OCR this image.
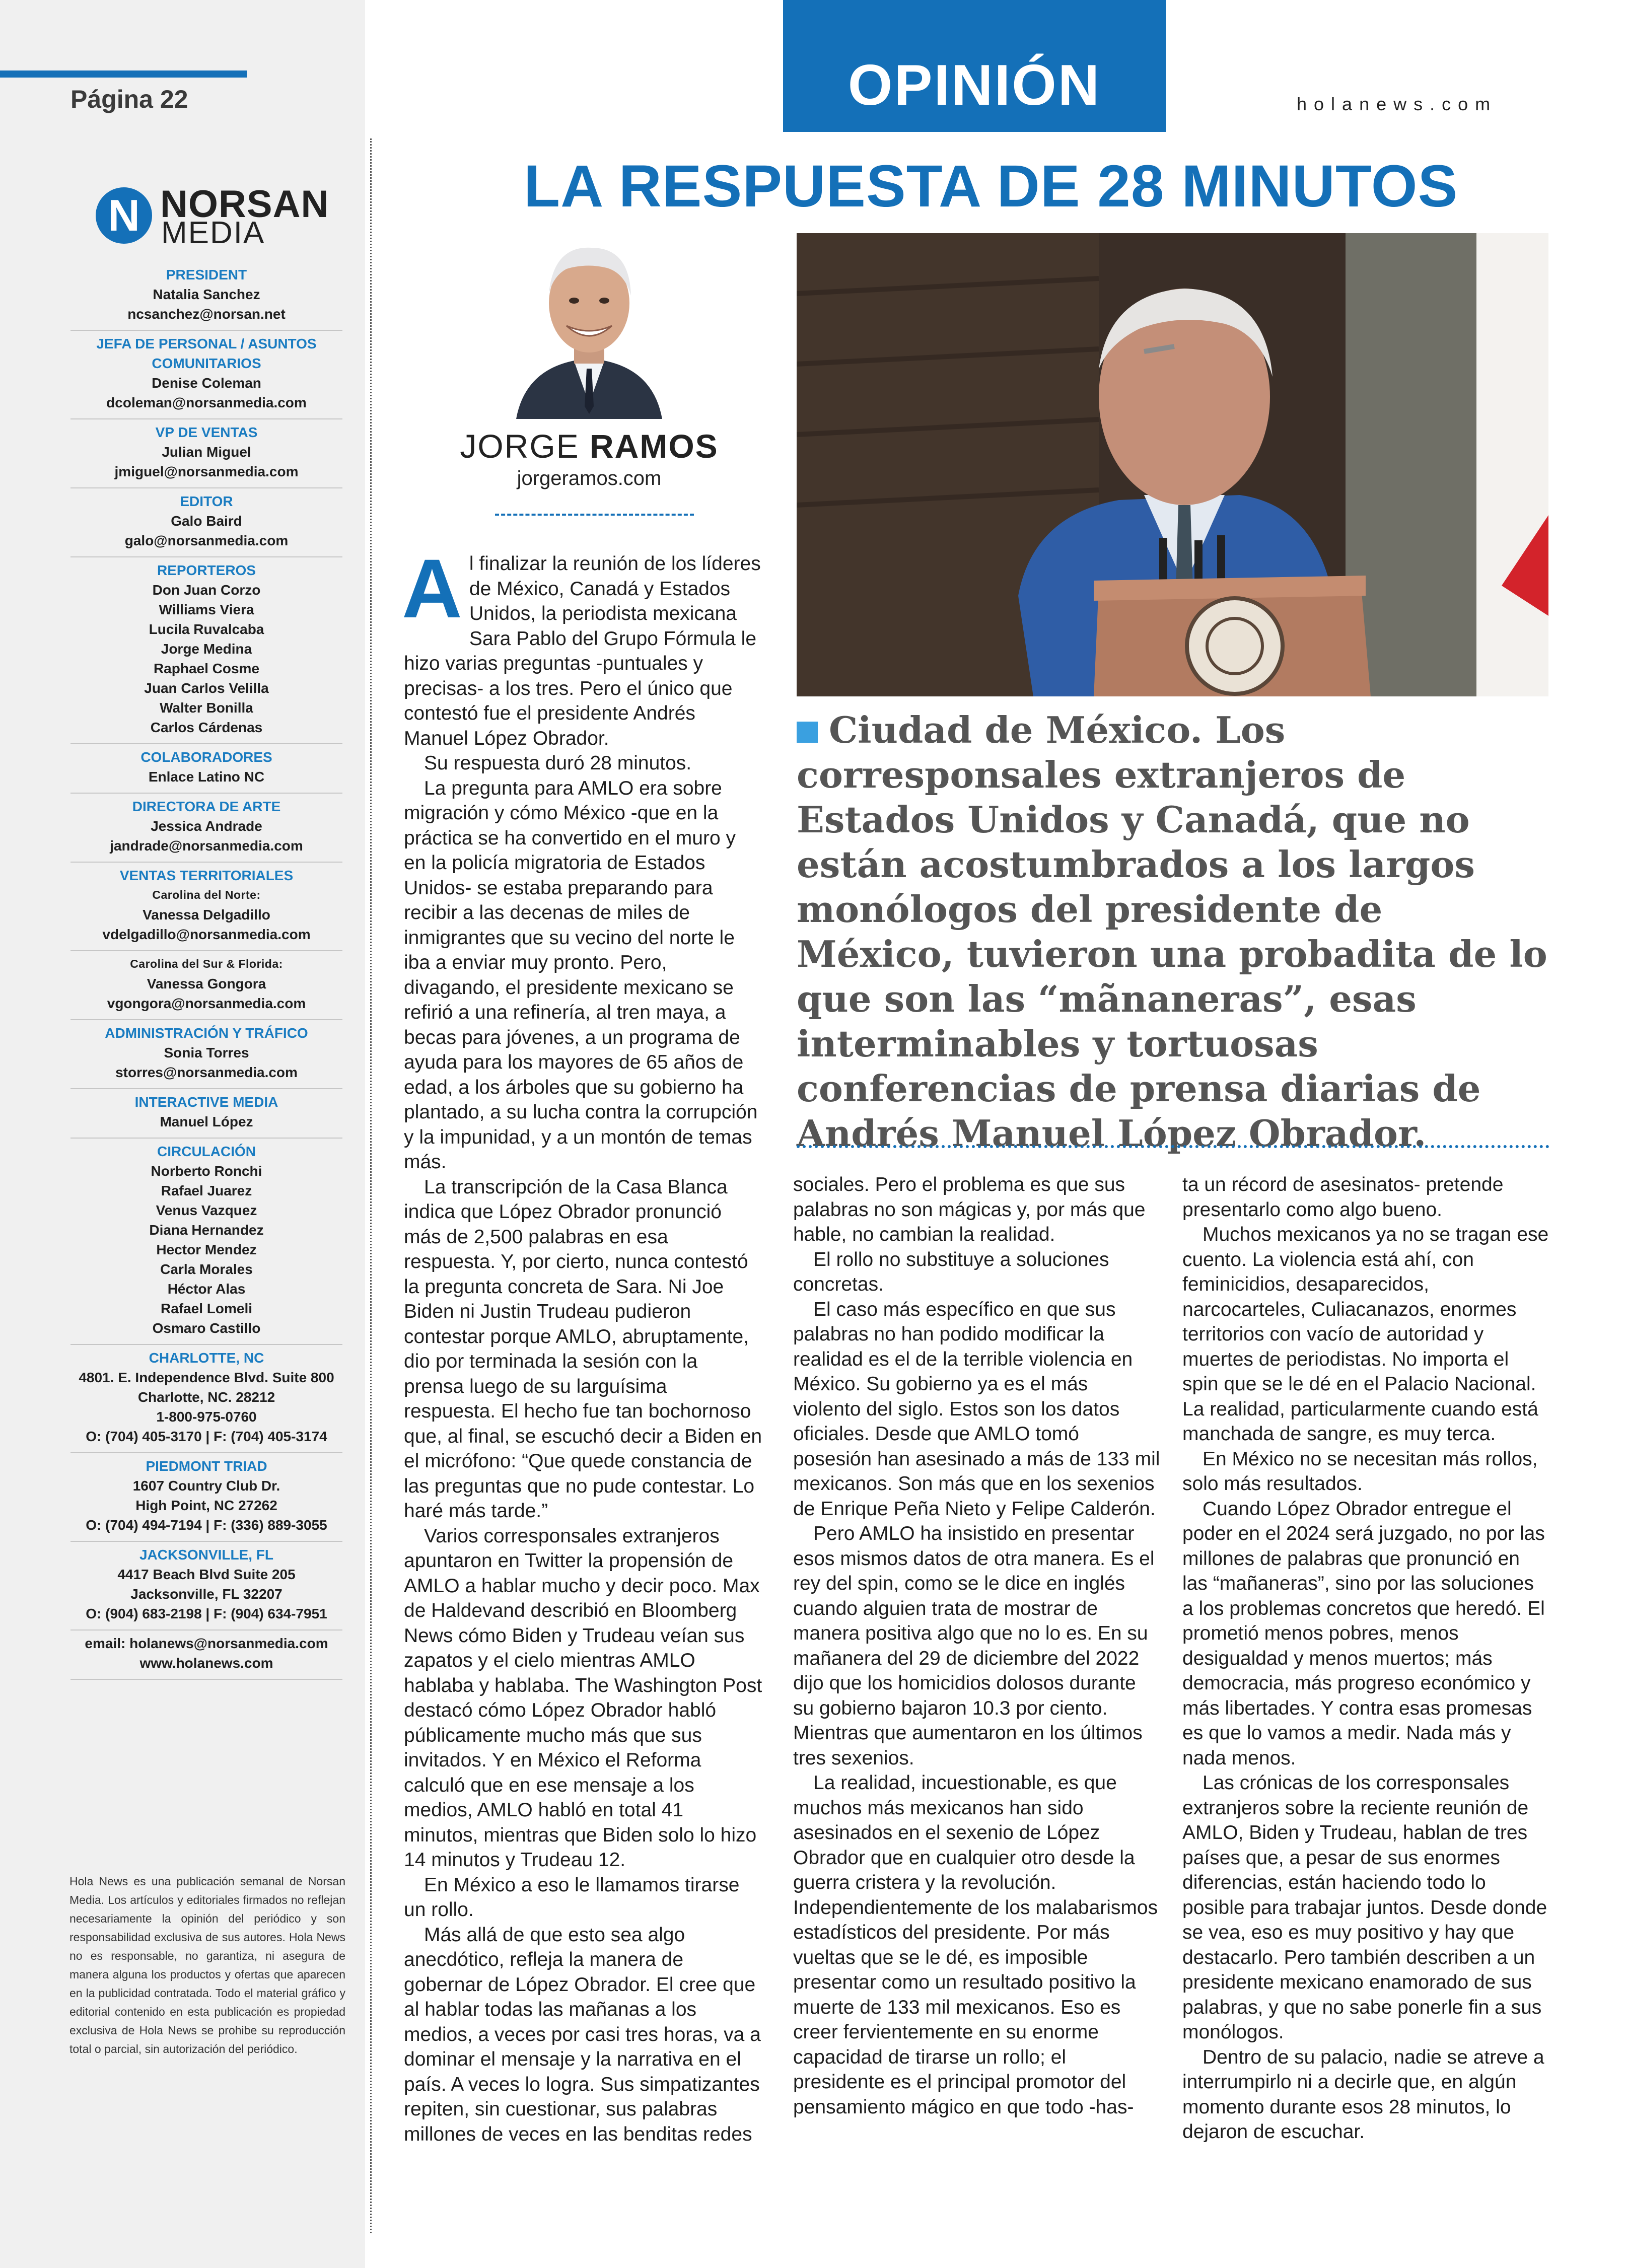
Página 22
N NORSAN
MEDIA
PRESIDENT
Natalia Sanchez
ncsanchez@norsan.net
JEFA DE PERSONAL / ASUNTOS COMUNITARIOS
Denise Coleman
dcoleman@norsanmedia.com
VP DE VENTAS
Julian Miguel
jmiguel@norsanmedia.com
EDITOR
Galo Baird
galo@norsanmedia.com
REPORTEROS
Don Juan Corzo
Williams Viera
Lucila Ruvalcaba
Jorge Medina
Raphael Cosme
Juan Carlos Velilla
Walter Bonilla
Carlos Cárdenas
COLABORADORES
Enlace Latino NC
DIRECTORA DE ARTE
Jessica Andrade
jandrade@norsanmedia.com
VENTAS TERRITORIALES
Carolina del Norte:
Vanessa Delgadillo
vdelgadillo@norsanmedia.com
Carolina del Sur & Florida:
Vanessa Gongora
vgongora@norsanmedia.com
ADMINISTRACIÓN Y TRÁFICO
Sonia Torres
storres@norsanmedia.com
INTERACTIVE MEDIA
Manuel López
CIRCULACIÓN
Norberto Ronchi
Rafael Juarez
Venus Vazquez
Diana Hernandez
Hector Mendez
Carla Morales
Héctor Alas
Rafael Lomeli
Osmaro Castillo
CHARLOTTE, NC
4801. E. Independence Blvd. Suite 800
Charlotte, NC. 28212
1-800-975-0760
O: (704) 405-3170 | F: (704) 405-3174
PIEDMONT TRIAD
1607 Country Club Dr.
High Point, NC 27262
O: (704) 494-7194 | F: (336) 889-3055
JACKSONVILLE, FL
4417 Beach Blvd Suite 205
Jacksonville, FL 32207
O: (904) 683-2198 | F: (904) 634-7951
email: holanews@norsanmedia.com
www.holanews.com
Hola News es una publicación semanal de Norsan Media. Los artículos y editoriales firmados no reflejan necesariamente la opinión del periódico y son responsabilidad exclusiva de sus autores. Hola News no es responsable, no garantiza, ni asegura de manera alguna los productos y ofertas que aparecen en la publicidad contratada. Todo el material gráfico y editorial contenido en esta publicación es propiedad exclusiva de Hola News se prohibe su reproducción total o parcial, sin autorización del periódico.
OPINIÓN	holanews.com
LA RESPUESTA DE 28 MINUTOS
JORGE RAMOS
jorgeramos.com
Ciudad de México. Los corresponsales extranjeros de Estados Unidos y Canadá, que no están acostumbrados a los largos monólogos del presidente de México, tuvieron una probadita de lo que son las “mãnaneras”, esas interminables y tortuosas conferencias de prensa diarias de Andrés Manuel López Obrador.
A l finalizar la reunión de los líderes de México, Canadá y Estados Unidos, la periodista mexicana Sara Pablo del Grupo Fórmula le hizo varias preguntas -puntuales y precisas- a los tres. Pero el único que contestó fue el presidente Andrés Manuel López Obrador.

Su respuesta duró 28 minutos.

La pregunta para AMLO era sobre migración y cómo México -que en la práctica se ha convertido en el muro y en la policía migratoria de Estados Unidos- se estaba preparando para recibir a las decenas de miles de inmigrantes que su vecino del norte le iba a enviar muy pronto. Pero, divagando, el presidente mexicano se refirió a una refinería, al tren maya, a becas para jóvenes, a un programa de ayuda para los mayores de 65 años de edad, a los árboles que su gobierno ha plantado, a su lucha contra la corrupción y la impunidad, y a un montón de temas más.

La transcripción de la Casa Blanca indica que López Obrador pronunció más de 2,500 palabras en esa respuesta. Y, por cierto, nunca contestó la pregunta concreta de Sara. Ni Joe Biden ni Justin Trudeau pudieron contestar porque AMLO, abruptamente, dio por terminada la sesión con la prensa luego de su larguísima respuesta. El hecho fue tan bochornoso que, al final, se escuchó decir a Biden en el micrófono: “Que quede constancia de las preguntas que no pude contestar. Lo haré más tarde.”

Varios corresponsales extranjeros apuntaron en Twitter la propensión de AMLO a hablar mucho y decir poco. Max de Haldevand describió en Bloomberg News cómo Biden y Trudeau veían sus zapatos y el cielo mientras AMLO hablaba y hablaba. The Washington Post destacó cómo López Obrador habló públicamente mucho más que sus invitados. Y en México el Reforma calculó que en ese mensaje a los medios, AMLO habló en total 41 minutos, mientras que Biden solo lo hizo 14 minutos y Trudeau 12.

En México a eso le llamamos tirarse un rollo.

Más allá de que esto sea algo anecdótico, refleja la manera de gobernar de López Obrador. El cree que al hablar todas las mañanas a los medios, a veces por casi tres horas, va a dominar el mensaje y la narrativa en el país. A veces lo logra. Sus simpatizantes repiten, sin cuestionar, sus palabras millones de veces en las benditas redes

sociales. Pero el problema es que sus palabras no son mágicas y, por más que hable, no cambian la realidad.

El rollo no substituye a soluciones concretas.

El caso más específico en que sus palabras no han podido modificar la realidad es el de la terrible violencia en México. Su gobierno ya es el más violento del siglo. Estos son los datos oficiales. Desde que AMLO tomó posesión han asesinado a más de 133 mil mexicanos. Son más que en los sexenios de Enrique Peña Nieto y Felipe Calderón.

Pero AMLO ha insistido en presentar esos mismos datos de otra manera. Es el rey del spin, como se le dice en inglés cuando alguien trata de mostrar de manera positiva algo que no lo es. En su mañanera del 29 de diciembre del 2022 dijo que los homicidios dolosos durante su gobierno bajaron 10.3 por ciento. Mientras que aumentaron en los últimos tres sexenios.

La realidad, incuestionable, es que muchos más mexicanos han sido asesinados en el sexenio de López Obrador que en cualquier otro desde la guerra cristera y la revolución. Independientemente de los malabarismos estadísticos del presidente. Por más vueltas que se le dé, es imposible presentar como un resultado positivo la muerte de 133 mil mexicanos. Eso es creer fervientemente en su enorme capacidad de tirarse un rollo; el presidente es el principal promotor del pensamiento mágico en que todo -has-

ta un récord de asesinatos- pretende presentarlo como algo bueno.

Muchos mexicanos ya no se tragan ese cuento. La violencia está ahí, con feminicidios, desaparecidos, narcocarteles, Culiacanazos, enormes territorios con vacío de autoridad y muertes de periodistas. No importa el spin que se le dé en el Palacio Nacional. La realidad, particularmente cuando está manchada de sangre, es muy terca.

En México no se necesitan más rollos, solo más resultados.

Cuando López Obrador entregue el poder en el 2024 será juzgado, no por las millones de palabras que pronunció en las “mañaneras”, sino por las soluciones a los problemas concretos que heredó. El prometió menos pobres, menos desigualdad y menos muertos; más democracia, más progreso económico y más libertades. Y contra esas promesas es que lo vamos a medir. Nada más y nada menos.

Las crónicas de los corresponsales extranjeros sobre la reciente reunión de AMLO, Biden y Trudeau, hablan de tres países que, a pesar de sus enormes diferencias, están haciendo todo lo posible para trabajar juntos. Desde donde se vea, eso es muy positivo y hay que destacarlo. Pero también describen a un presidente mexicano enamorado de sus palabras, y que no sabe ponerle fin a sus monólogos.

Dentro de su palacio, nadie se atreve a interrumpirlo ni a decirle que, en algún momento durante esos 28 minutos, lo dejaron de escuchar.
